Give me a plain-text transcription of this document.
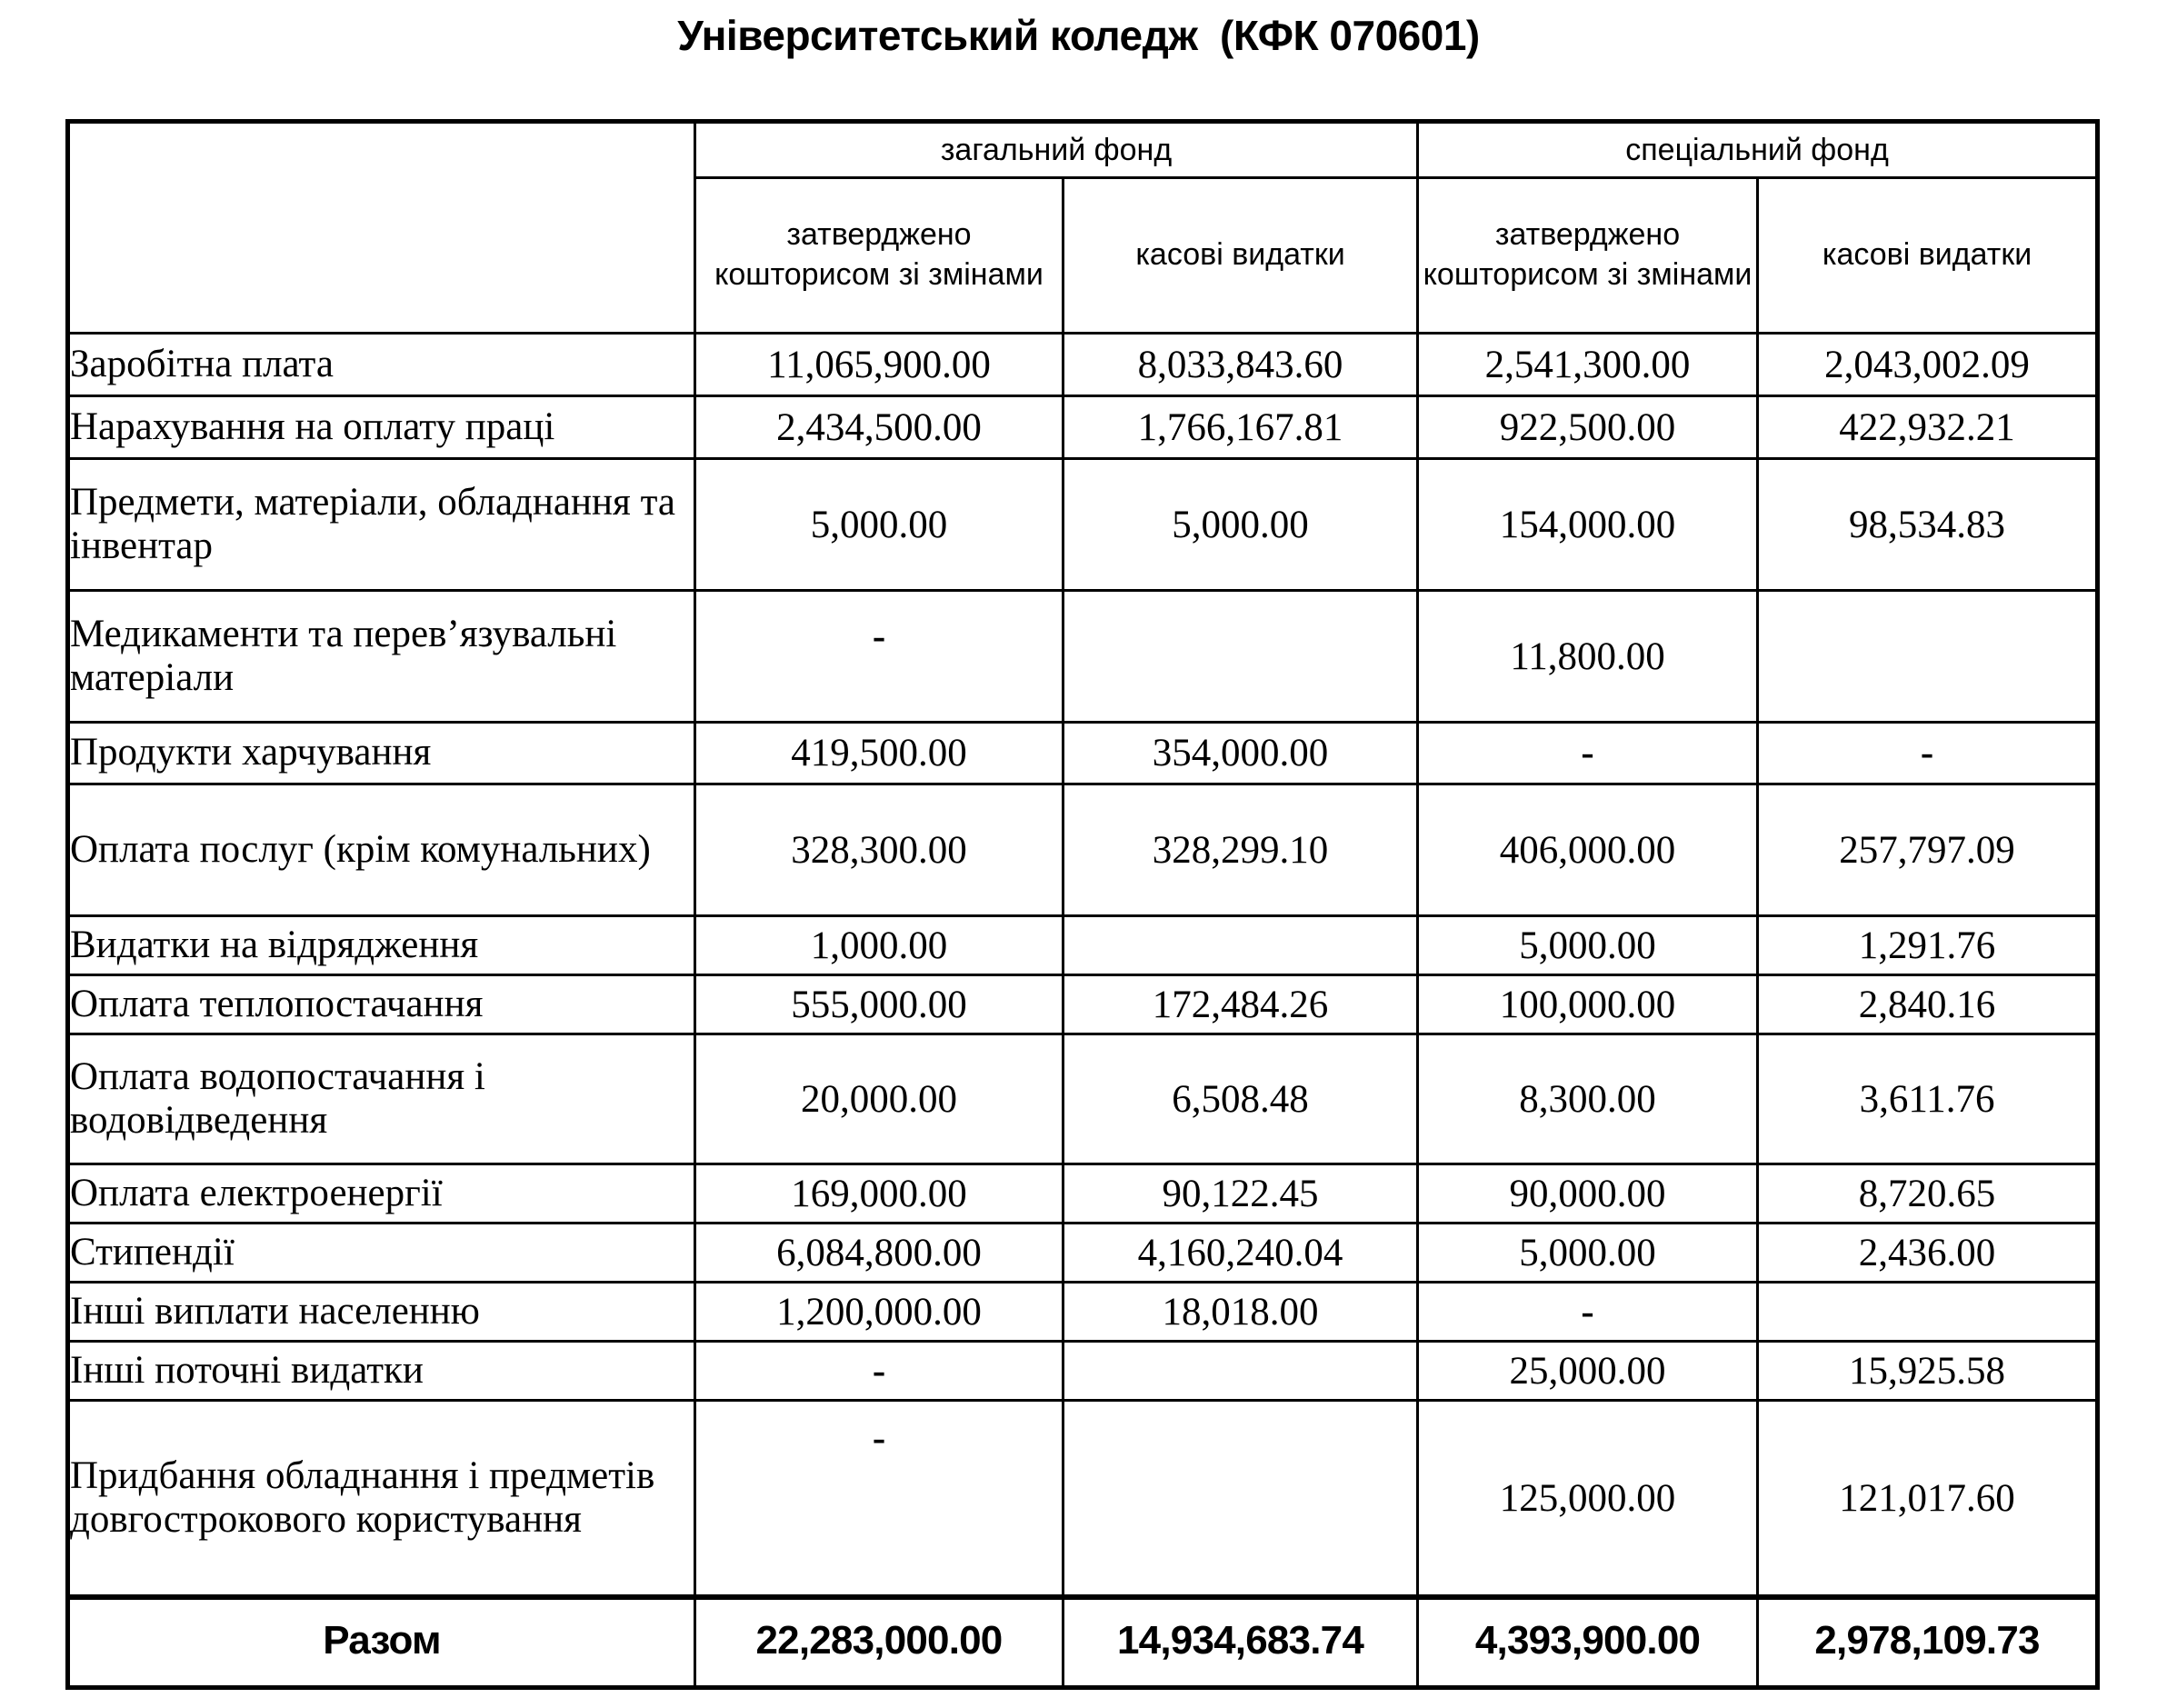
Університетський коледж  (КФК 070601)
	загальний фонд		спеціальний фонд	
	затверджено кошторисом зі змінами	касові видатки	затверджено кошторисом зі змінами	касові видатки
Заробітна плата	11,065,900.00	8,033,843.60	2,541,300.00	2,043,002.09
Нарахування на оплату праці	2,434,500.00	1,766,167.81	922,500.00	422,932.21
Предмети, матеріали, обладнання та інвентар	5,000.00	5,000.00	154,000.00	98,534.83
Медикаменти та перев’язувальні матеріали	-		11,800.00	
Продукти харчування	419,500.00	354,000.00	-	-
Оплата послуг (крім комунальних)	328,300.00	328,299.10	406,000.00	257,797.09
Видатки на відрядження	1,000.00		5,000.00	1,291.76
Оплата теплопостачання	555,000.00	172,484.26	100,000.00	2,840.16
Оплата водопостачання і водовідведення	20,000.00	6,508.48	8,300.00	3,611.76
Оплата електроенергії	169,000.00	90,122.45	90,000.00	8,720.65
Стипендії	6,084,800.00	4,160,240.04	5,000.00	2,436.00
Інші виплати населенню	1,200,000.00	18,018.00	-	
Інші поточні видатки	-		25,000.00	15,925.58
Придбання обладнання і предметів довгострокового користування	-		125,000.00	121,017.60
Разом	22,283,000.00	14,934,683.74	4,393,900.00	2,978,109.73
